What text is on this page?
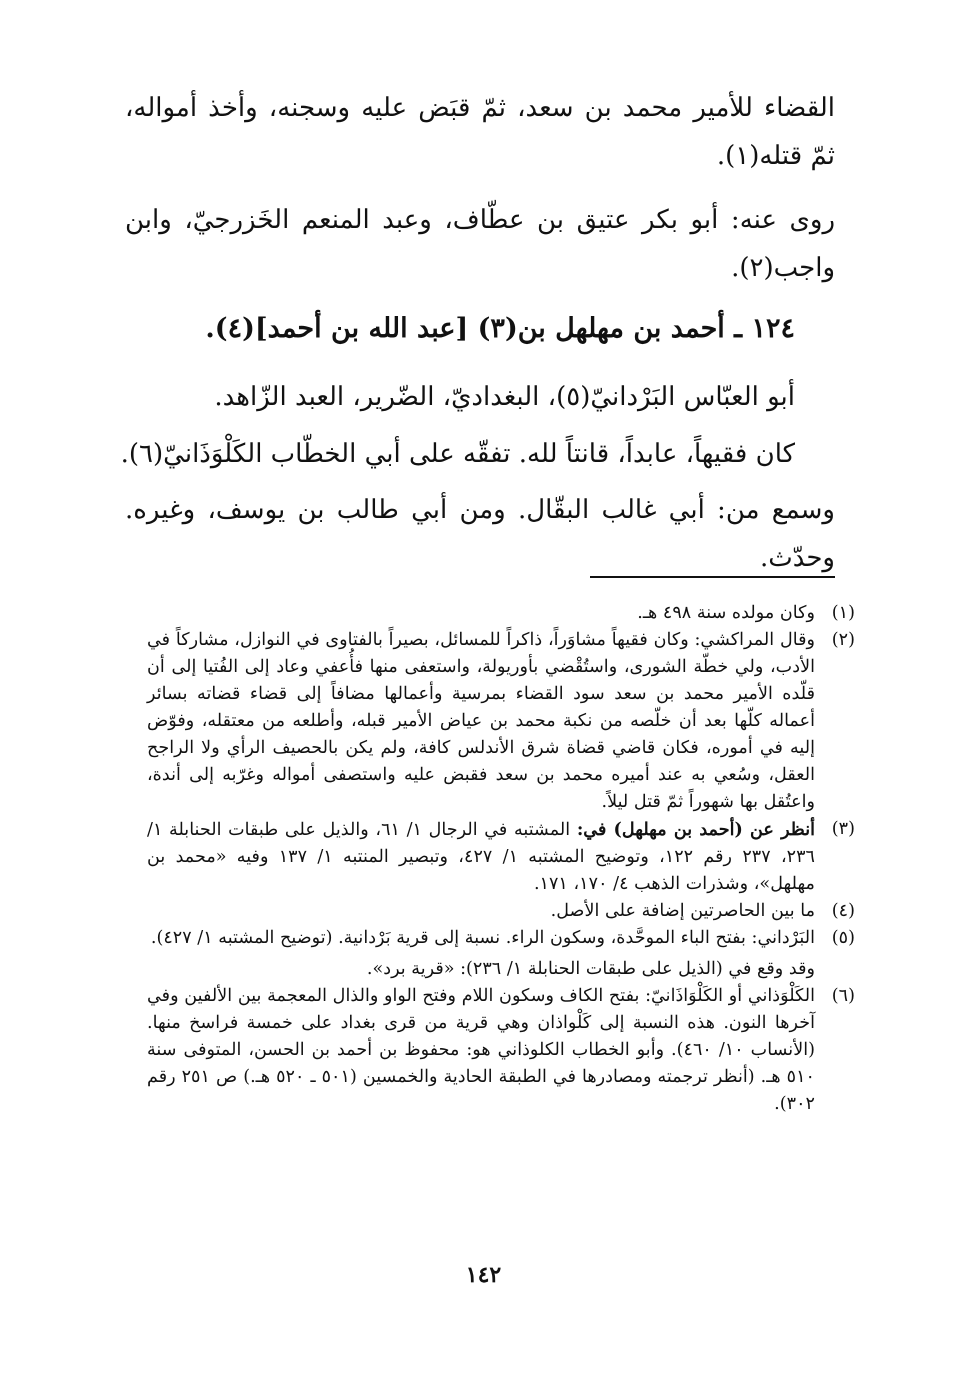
القضاء للأمير محمد بن سعد، ثمّ قبَض عليه وسجنه، وأخذ أمواله، ثمّ قتله(١).

روى عنه: أبو بكر عتيق بن عطّاف، وعبد المنعم الخَزرجيّ، وابن واجب(٢).

١٢٤ ـ أحمد بن مهلهل بن(٣) [عبد الله بن أحمد](٤).

أبو العبّاس البَرْدانيّ(٥)، البغداديّ، الضّرير، العبد الزّاهد.

كان فقيهاً، عابداً، قانتاً لله. تفقّه على أبي الخطّاب الكَلْوَذَانيّ(٦).

وسمع من: أبي غالب البقّال. ومن أبي طالب بن يوسف، وغيره. وحدّث.

(١)
وكان مولده سنة ٤٩٨ هـ.
(٢)
وقال المراكشي: وكان فقيهاً مشاوَراً، ذاكراً للمسائل، بصيراً بالفتاوى في النوازل، مشاركاً في الأدب، ولي خطّة الشورى، واستُقْضي بأوريولة، واستعفى منها فأُعفي وعاد إلى الفُتيا إلى أن قلّده الأمير محمد بن سعد سود القضاء بمرسية وأعمالها مضافاً إلى قضاء قضاته بسائر أعماله كلّها بعد أن خلّصه من نكبة محمد بن عياض الأمير قبله، وأطلعه من معتقله، وفوّض إليه في أموره، فكان قاضي قضاة شرق الأندلس كافة، ولم يكن بالحصيف الرأي ولا الراجح العقل، وسُعي به عند أميره محمد بن سعد فقبض عليه واستصفى أمواله وغرّبه إلى أندة، واعتُقل بها شهوراً ثمّ قتل ليلاً.
(٣)
أنظر عن (أحمد بن مهلهل) في: المشتبه في الرجال ١/ ٦١، والذيل على طبقات الحنابلة ١/ ٢٣٦، ٢٣٧ رقم ١٢٢، وتوضيح المشتبه ١/ ٤٢٧، وتبصير المنتبه ١/ ١٣٧ وفيه «محمد بن مهلهل»، وشذرات الذهب ٤/ ١٧٠، ١٧١.
(٤)
ما بين الحاصرتين إضافة على الأصل.
(٥)
البَرْداني: بفتح الباء الموحَّدة، وسكون الراء. نسبة إلى قرية بَرْدانية. (توضيح المشتبه ١/ ٤٢٧).
وقد وقع في (الذيل على طبقات الحنابلة ١/ ٢٣٦): «قرية برد».
(٦)
الكَلْوَذاني أو الكَلْوَاذَانيّ: بفتح الكاف وسكون اللام وفتح الواو والذال المعجمة بين الألفين وفي آخرها النون. هذه النسبة إلى كَلْواذان وهي قرية من قرى بغداد على خمسة فراسخ منها. (الأنساب ١٠/ ٤٦٠). وأبو الخطاب الكلوذاني هو: محفوظ بن أحمد بن الحسن، المتوفى سنة ٥١٠ هـ. (أنظر ترجمته ومصادرها في الطبقة الحادية والخمسين (٥٠١ ـ ٥٢٠ هـ.) ص ٢٥١ رقم ٣٠٢).
١٤٢
